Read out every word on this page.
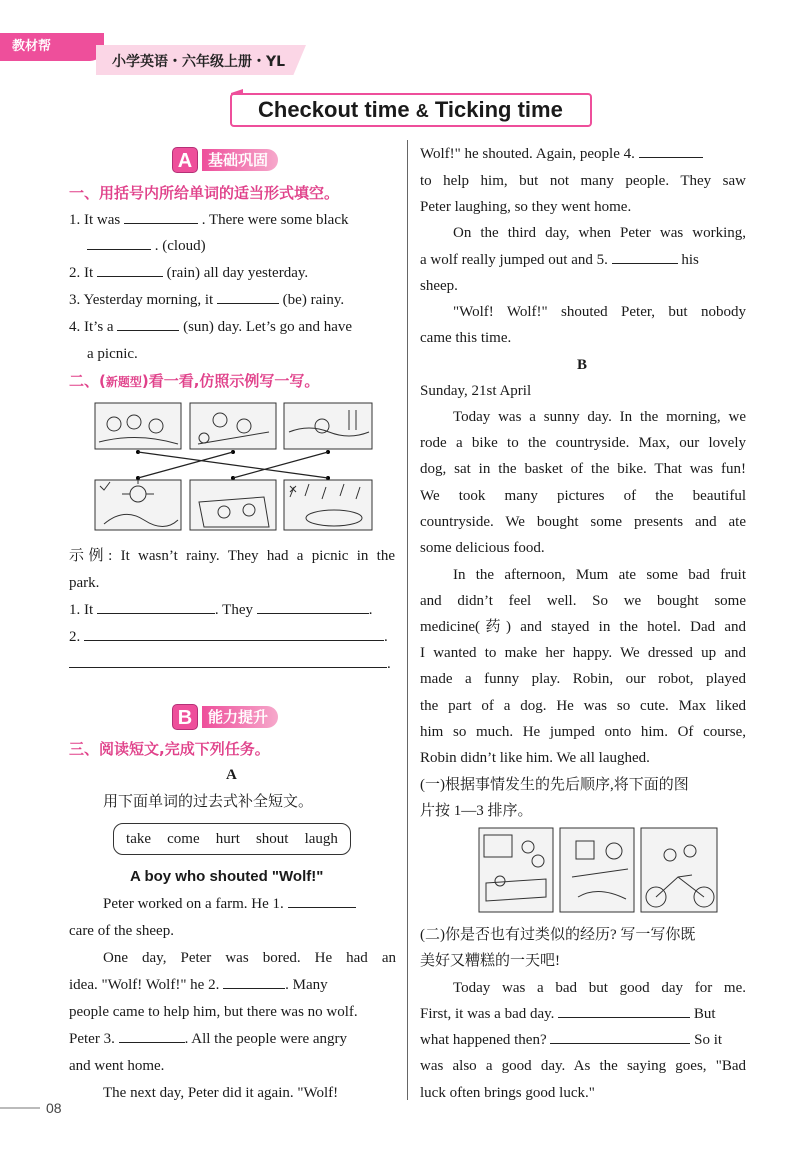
教材帮
小学英语・六年级上册・YL
Checkout time & Ticking time
A	基础巩固
一、用括号内所给单词的适当形式填空。
1. It was	. There were some black
. (cloud)
2. It	(rain) all day yesterday.
3. Yesterday morning, it	(be) rainy.
4. It’s a	(sun) day. Let’s go and have
a picnic.
二、(新题型)看一看,仿照示例写一写。
示例: It wasn’t rainy. They had a picnic in the
park.
1. It	. They	.
2.	.
.
B	能力提升
三、阅读短文,完成下列任务。
A
用下面单词的过去式补全短文。
take come hurt shout laugh
A boy who shouted "Wolf!"
Peter worked on a farm. He 1.
care of the sheep.
One day, Peter was bored. He had an
idea. "Wolf! Wolf!" he 2.	. Many
people came to help him, but there was no wolf.
Peter 3.	. All the people were angry
and went home.
The next day, Peter did it again. "Wolf!
Wolf!" he shouted. Again, people 4.
to help him, but not many people. They saw
Peter laughing, so they went home.
On the third day, when Peter was working,
a wolf really jumped out and 5.	his
sheep.
"Wolf! Wolf!" shouted Peter, but nobody
came this time.
B
Sunday, 21st April
Today was a sunny day. In the morning, we
rode a bike to the countryside. Max, our lovely
dog, sat in the basket of the bike. That was fun!
We took many pictures of the beautiful
countryside. We bought some presents and ate
some delicious food.
In the afternoon, Mum ate some bad fruit
and didn’t feel well. So we bought some
medicine(药) and stayed in the hotel. Dad and
I wanted to make her happy. We dressed up and
made a funny play. Robin, our robot, played
the part of a dog. He was so cute. Max liked
him so much. He jumped onto him. Of course,
Robin didn’t like him. We all laughed.
(一)根据事情发生的先后顺序,将下面的图
片按 1—3 排序。
(二)你是否也有过类似的经历? 写一写你既
美好又糟糕的一天吧!
Today was a bad but good day for me.
First, it was a bad day.	But
what happened then?	So it
was also a good day. As the saying goes, "Bad
luck often brings good luck."
08
